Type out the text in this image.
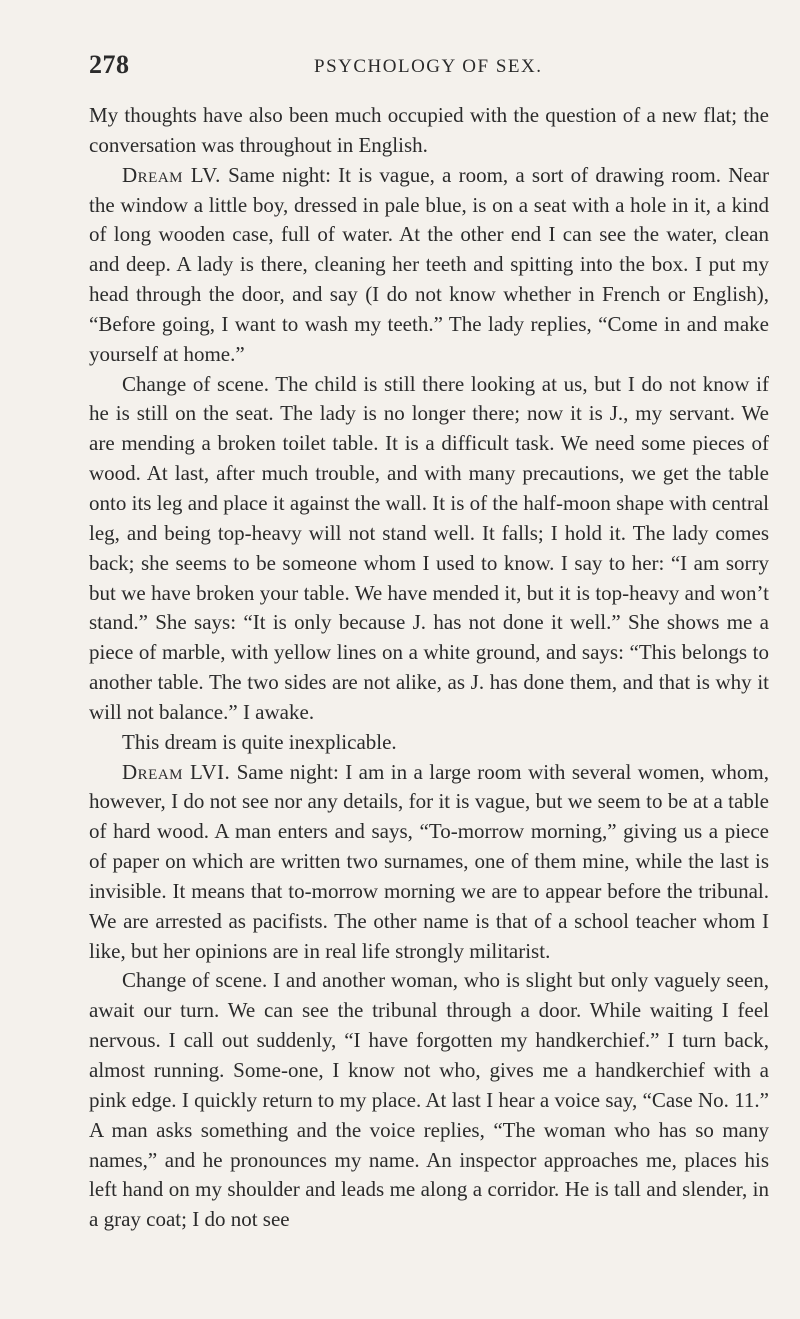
278	PSYCHOLOGY OF SEX.

My thoughts have also been much occupied with the question of a new flat; the conversation was throughout in English.

Dream LV. Same night: It is vague, a room, a sort of drawing room. Near the window a little boy, dressed in pale blue, is on a seat with a hole in it, a kind of long wooden case, full of water. At the other end I can see the water, clean and deep. A lady is there, cleaning her teeth and spitting into the box. I put my head through the door, and say (I do not know whether in French or English), “Before going, I want to wash my teeth.” The lady replies, “Come in and make yourself at home.”

Change of scene. The child is still there looking at us, but I do not know if he is still on the seat. The lady is no longer there; now it is J., my servant. We are mending a broken toilet table. It is a difficult task. We need some pieces of wood. At last, after much trouble, and with many precautions, we get the table onto its leg and place it against the wall. It is of the half-moon shape with central leg, and being top-heavy will not stand well. It falls; I hold it. The lady comes back; she seems to be someone whom I used to know. I say to her: “I am sorry but we have broken your table. We have mended it, but it is top-heavy and won’t stand.” She says: “It is only because J. has not done it well.” She shows me a piece of marble, with yellow lines on a white ground, and says: “This belongs to another table. The two sides are not alike, as J. has done them, and that is why it will not balance.” I awake.

This dream is quite inexplicable.

Dream LVI. Same night: I am in a large room with several women, whom, however, I do not see nor any details, for it is vague, but we seem to be at a table of hard wood. A man enters and says, “To-morrow morning,” giving us a piece of paper on which are written two surnames, one of them mine, while the last is invisible. It means that to-morrow morning we are to appear before the tribunal. We are arrested as pacifists. The other name is that of a school teacher whom I like, but her opinions are in real life strongly militarist.

Change of scene. I and another woman, who is slight but only vaguely seen, await our turn. We can see the tribunal through a door. While waiting I feel nervous. I call out suddenly, “I have forgotten my handkerchief.” I turn back, almost running. Some-one, I know not who, gives me a handkerchief with a pink edge. I quickly return to my place. At last I hear a voice say, “Case No. 11.” A man asks something and the voice replies, “The woman who has so many names,” and he pronounces my name. An inspector approaches me, places his left hand on my shoulder and leads me along a corridor. He is tall and slender, in a gray coat; I do not see
